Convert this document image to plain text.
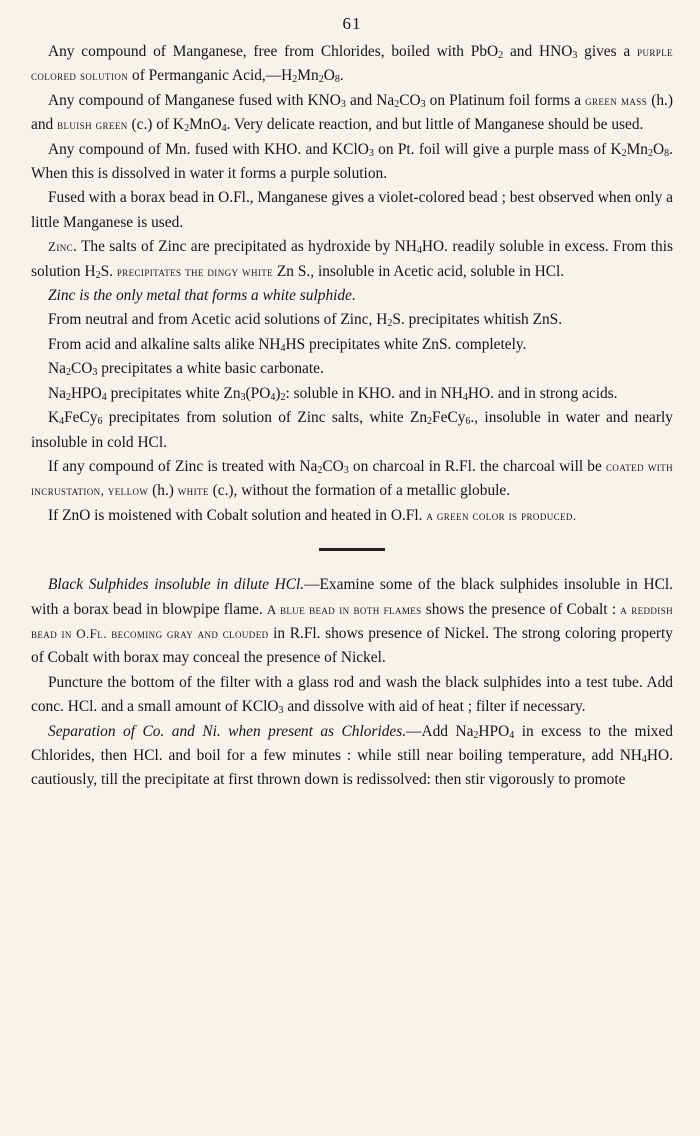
61

Any compound of Manganese, free from Chlorides, boiled with PbO$_2$ and $HNO_3$ gives a purple colored solution of Permanganic $Acid,—H_2Mn_2O_8$.

Any compound of Manganese fused with $KNO_3$ and $Na_2CO_3$ on Platinum foil forms a green mass (h.) and bluish green (c.) of $K_2MnO_4$. Very delicate reaction, and but little of Manganese should be used.

Any compound of Mn. fused with KHO. and KClO$_3$ on Pt. foil will give a purple mass of $K_2Mn_2O_8$. When this is dissolved in water it forms a purple solution.

Fused with a borax bead in O.Fl., Manganese gives a violet-colored bead ; best observed when only a little Manganese is used.

Zinc. The salts of Zinc are precipitated as hydroxide by $NH_4HO$. readily soluble in excess. From this solution $H_2S$. precipitates the dingy white Zn S., insoluble in Acetic acid, soluble in HCl.

Zinc is the only metal that forms a white sulphide.

From neutral and from Acetic acid solutions of Zinc, $H_2S$. precipitates whitish ZnS.

From acid and alkaline salts alike $NH_4HS$ precipitates white ZnS. completely.

$Na_2CO_3$ precipitates a white basic carbonate.

$Na_2HPO_4$ precipitates white $Zn_3(PO_4)_2$: soluble in KHO. and in $NH_4HO$. and in strong acids.

$K_4FeCy_6$ precipitates from solution of Zinc salts, white $Zn_2FeCy_6$., insoluble in water and nearly insoluble in cold HCl.

If any compound of Zinc is treated with $Na_2CO_3$ on charcoal in R.Fl. the charcoal will be coated with incrustation, yellow (h.) white (c.), without the formation of a metallic globule.

If ZnO is moistened with Cobalt solution and heated in O.Fl. a green color is produced.

Black Sulphides insoluble in dilute HCl.—Examine some of the black sulphides insoluble in HCl. with a borax bead in blowpipe flame. A blue bead in both flames shows the presence of Cobalt : a reddish bead in O.Fl. becoming gray and clouded in R.Fl. shows presence of Nickel. The strong coloring property of Cobalt with borax may conceal the presence of Nickel.

Puncture the bottom of the filter with a glass rod and wash the black sulphides into a test tube. Add conc. HCl. and a small amount of KClO$_3$ and dissolve with aid of heat ; filter if necessary.

Separation of Co. and Ni. when present as Chlorides.—Add $Na_2HPO_4$ in excess to the mixed Chlorides, then HCl. and boil for a few minutes : while still near boiling temperature, add $NH_4HO$. cautiously, till the precipitate at first thrown down is redissolved: then stir vigorously to promote
